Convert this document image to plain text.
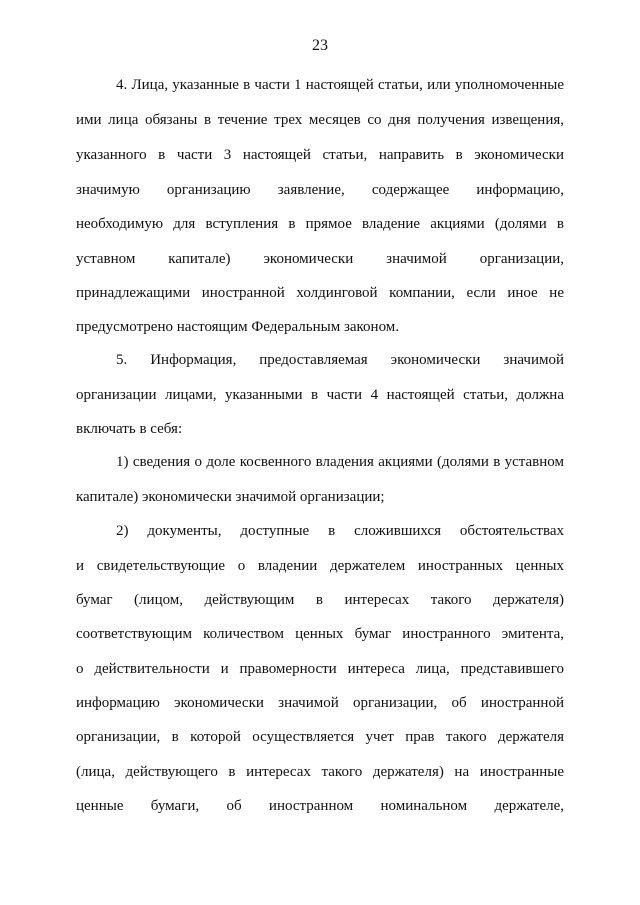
23
4. Лица, указанные в части 1 настоящей статьи, или уполномоченные
ими лица обязаны в течение трех месяцев со дня получения извещения,
указанного в части 3 настоящей статьи, направить в экономически
значимую организацию заявление, содержащее информацию,
необходимую для вступления в прямое владение акциями (долями в
уставном капитале) экономически значимой организации,
принадлежащими иностранной холдинговой компании, если иное не
предусмотрено настоящим Федеральным законом.
5. Информация, предоставляемая экономически значимой
организации лицами, указанными в части 4 настоящей статьи, должна
включать в себя:
1) сведения о доле косвенного владения акциями (долями в уставном
капитале) экономически значимой организации;
2) документы, доступные в сложившихся обстоятельствах
и свидетельствующие о владении держателем иностранных ценных
бумаг (лицом, действующим в интересах такого держателя)
соответствующим количеством ценных бумаг иностранного эмитента,
о действительности и правомерности интереса лица, представившего
информацию экономически значимой организации, об иностранной
организации, в которой осуществляется учет прав такого держателя
(лица, действующего в интересах такого держателя) на иностранные
ценные бумаги, об иностранном номинальном держателе,
